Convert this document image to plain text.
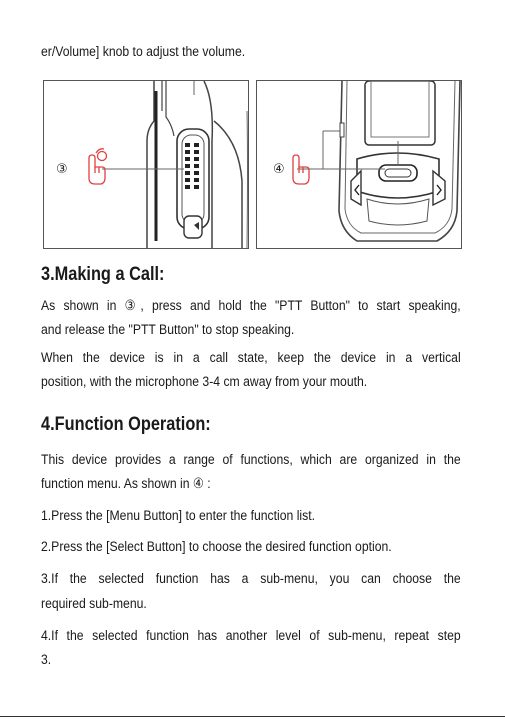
er/Volume] knob to adjust the volume.
③	④
3.Making a Call:
As shown in ③, press and hold the "PTT Button" to start speaking,
and release the "PTT Button" to stop speaking.
When the device is in a call state, keep the device in a vertical
position, with the microphone 3-4 cm away from your mouth.
4.Function Operation:
This device provides a range of functions, which are organized in the
function menu. As shown in ④ :
1.Press the [Menu Button] to enter the function list.
2.Press the [Select Button] to choose the desired function option.
3.If the selected function has a sub-menu, you can choose the
required sub-menu.
4.If the selected function has another level of sub-menu, repeat step
3.
